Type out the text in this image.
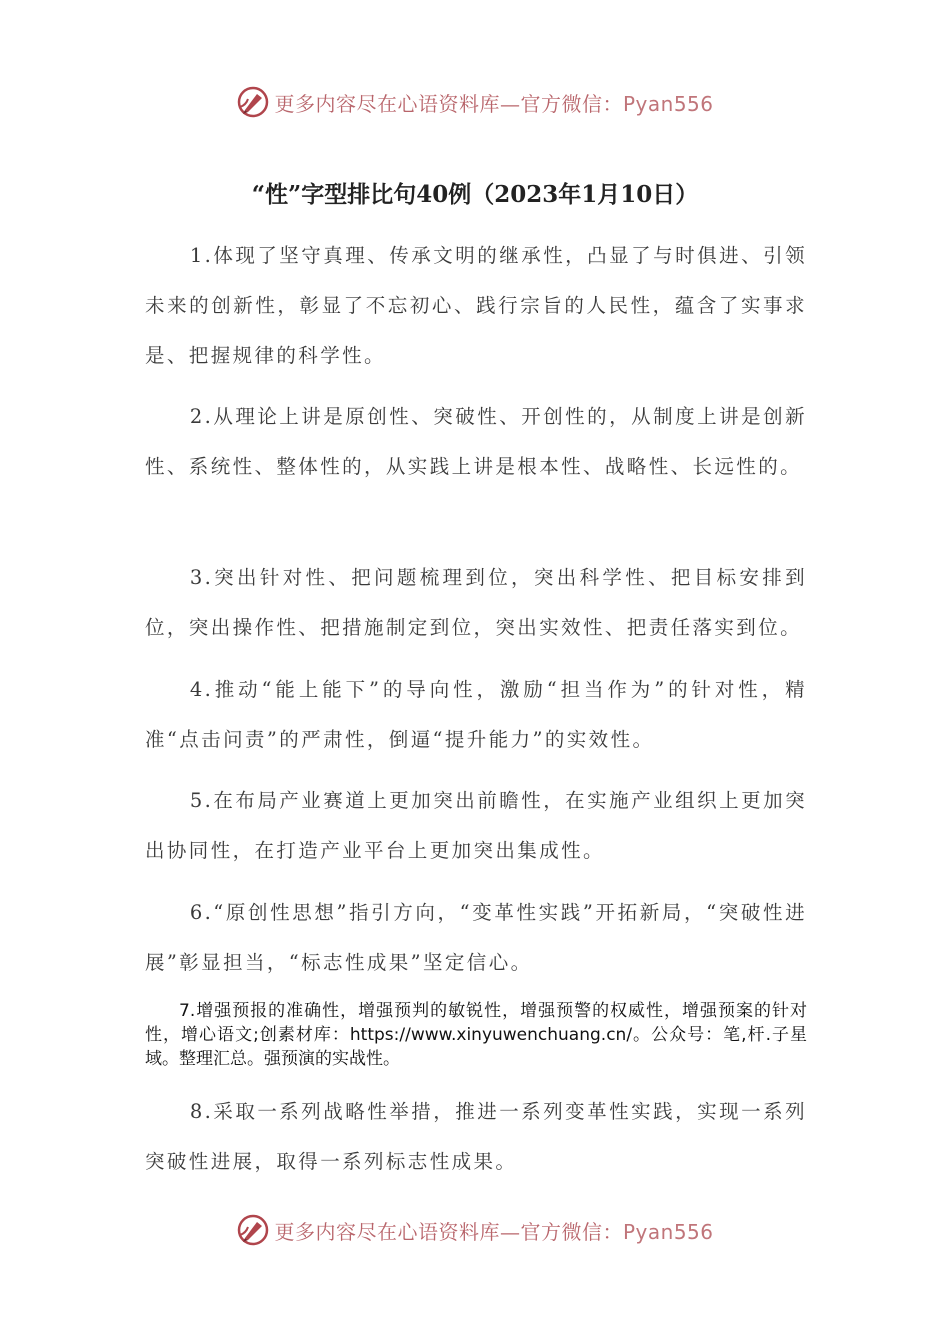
更多内容尽在心语资料库—官方微信：Pyan556
“性”字型排比句40例（2023年1月10日）
1.体现了坚守真理、传承文明的继承性，凸显了与时俱进、引领未来的创新性，彰显了不忘初心、践行宗旨的人民性，蕴含了实事求是、把握规律的科学性。
2.从理论上讲是原创性、突破性、开创性的，从制度上讲是创新性、系统性、整体性的，从实践上讲是根本性、战略性、长远性的。
3.突出针对性、把问题梳理到位，突出科学性、把目标安排到位，突出操作性、把措施制定到位，突出实效性、把责任落实到位。
4.推动“能上能下”的导向性，激励“担当作为”的针对性，精准“点击问责”的严肃性，倒逼“提升能力”的实效性。
5.在布局产业赛道上更加突出前瞻性，在实施产业组织上更加突出协同性，在打造产业平台上更加突出集成性。
6.“原创性思想”指引方向，“变革性实践”开拓新局，“突破性进展”彰显担当，“标志性成果”坚定信心。
7.增强预报的准确性，增强预判的敏锐性，增强预警的权威性，增强预案的针对性，增心语文;创素材库：https://www.xinyuwenchuang.cn/。公众号：笔,杆.子星域。整理汇总。强预演的实战性。
8.采取一系列战略性举措，推进一系列变革性实践，实现一系列突破性进展，取得一系列标志性成果。
更多内容尽在心语资料库—官方微信：Pyan556
